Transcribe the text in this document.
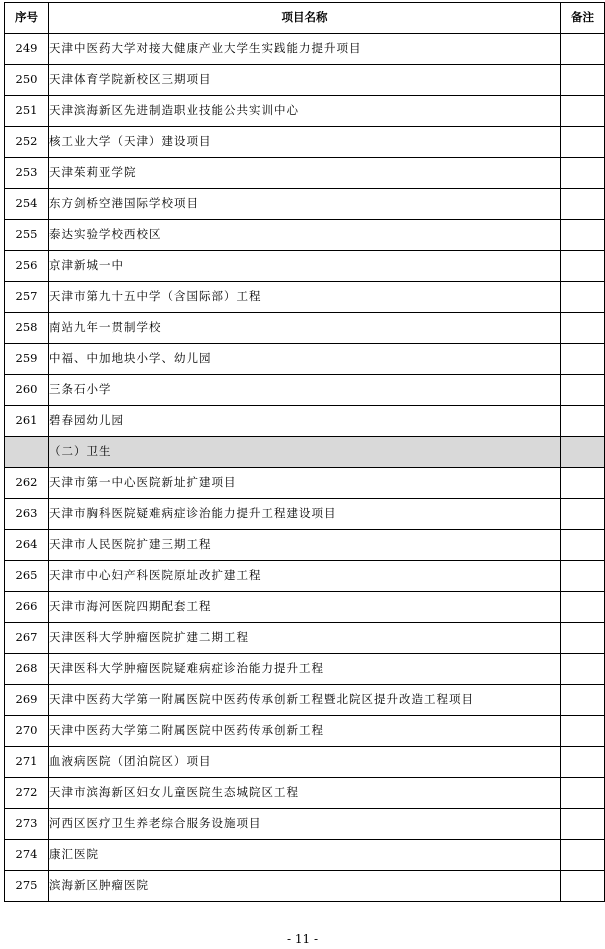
序号	项目名称	备注
249	天津中医药大学对接大健康产业大学生实践能力提升项目	
250	天津体育学院新校区三期项目	
251	天津滨海新区先进制造职业技能公共实训中心	
252	核工业大学（天津）建设项目	
253	天津茱莉亚学院	
254	东方剑桥空港国际学校项目	
255	泰达实验学校西校区	
256	京津新城一中	
257	天津市第九十五中学（含国际部）工程	
258	南站九年一贯制学校	
259	中福、中加地块小学、幼儿园	
260	三条石小学	
261	碧春园幼儿园	
	（二）卫生	
262	天津市第一中心医院新址扩建项目	
263	天津市胸科医院疑难病症诊治能力提升工程建设项目	
264	天津市人民医院扩建三期工程	
265	天津市中心妇产科医院原址改扩建工程	
266	天津市海河医院四期配套工程	
267	天津医科大学肿瘤医院扩建二期工程	
268	天津医科大学肿瘤医院疑难病症诊治能力提升工程	
269	天津中医药大学第一附属医院中医药传承创新工程暨北院区提升改造工程项目	
270	天津中医药大学第二附属医院中医药传承创新工程	
271	血液病医院（团泊院区）项目	
272	天津市滨海新区妇女儿童医院生态城院区工程	
273	河西区医疗卫生养老综合服务设施项目	
274	康汇医院	
275	滨海新区肿瘤医院	
- 11 -
